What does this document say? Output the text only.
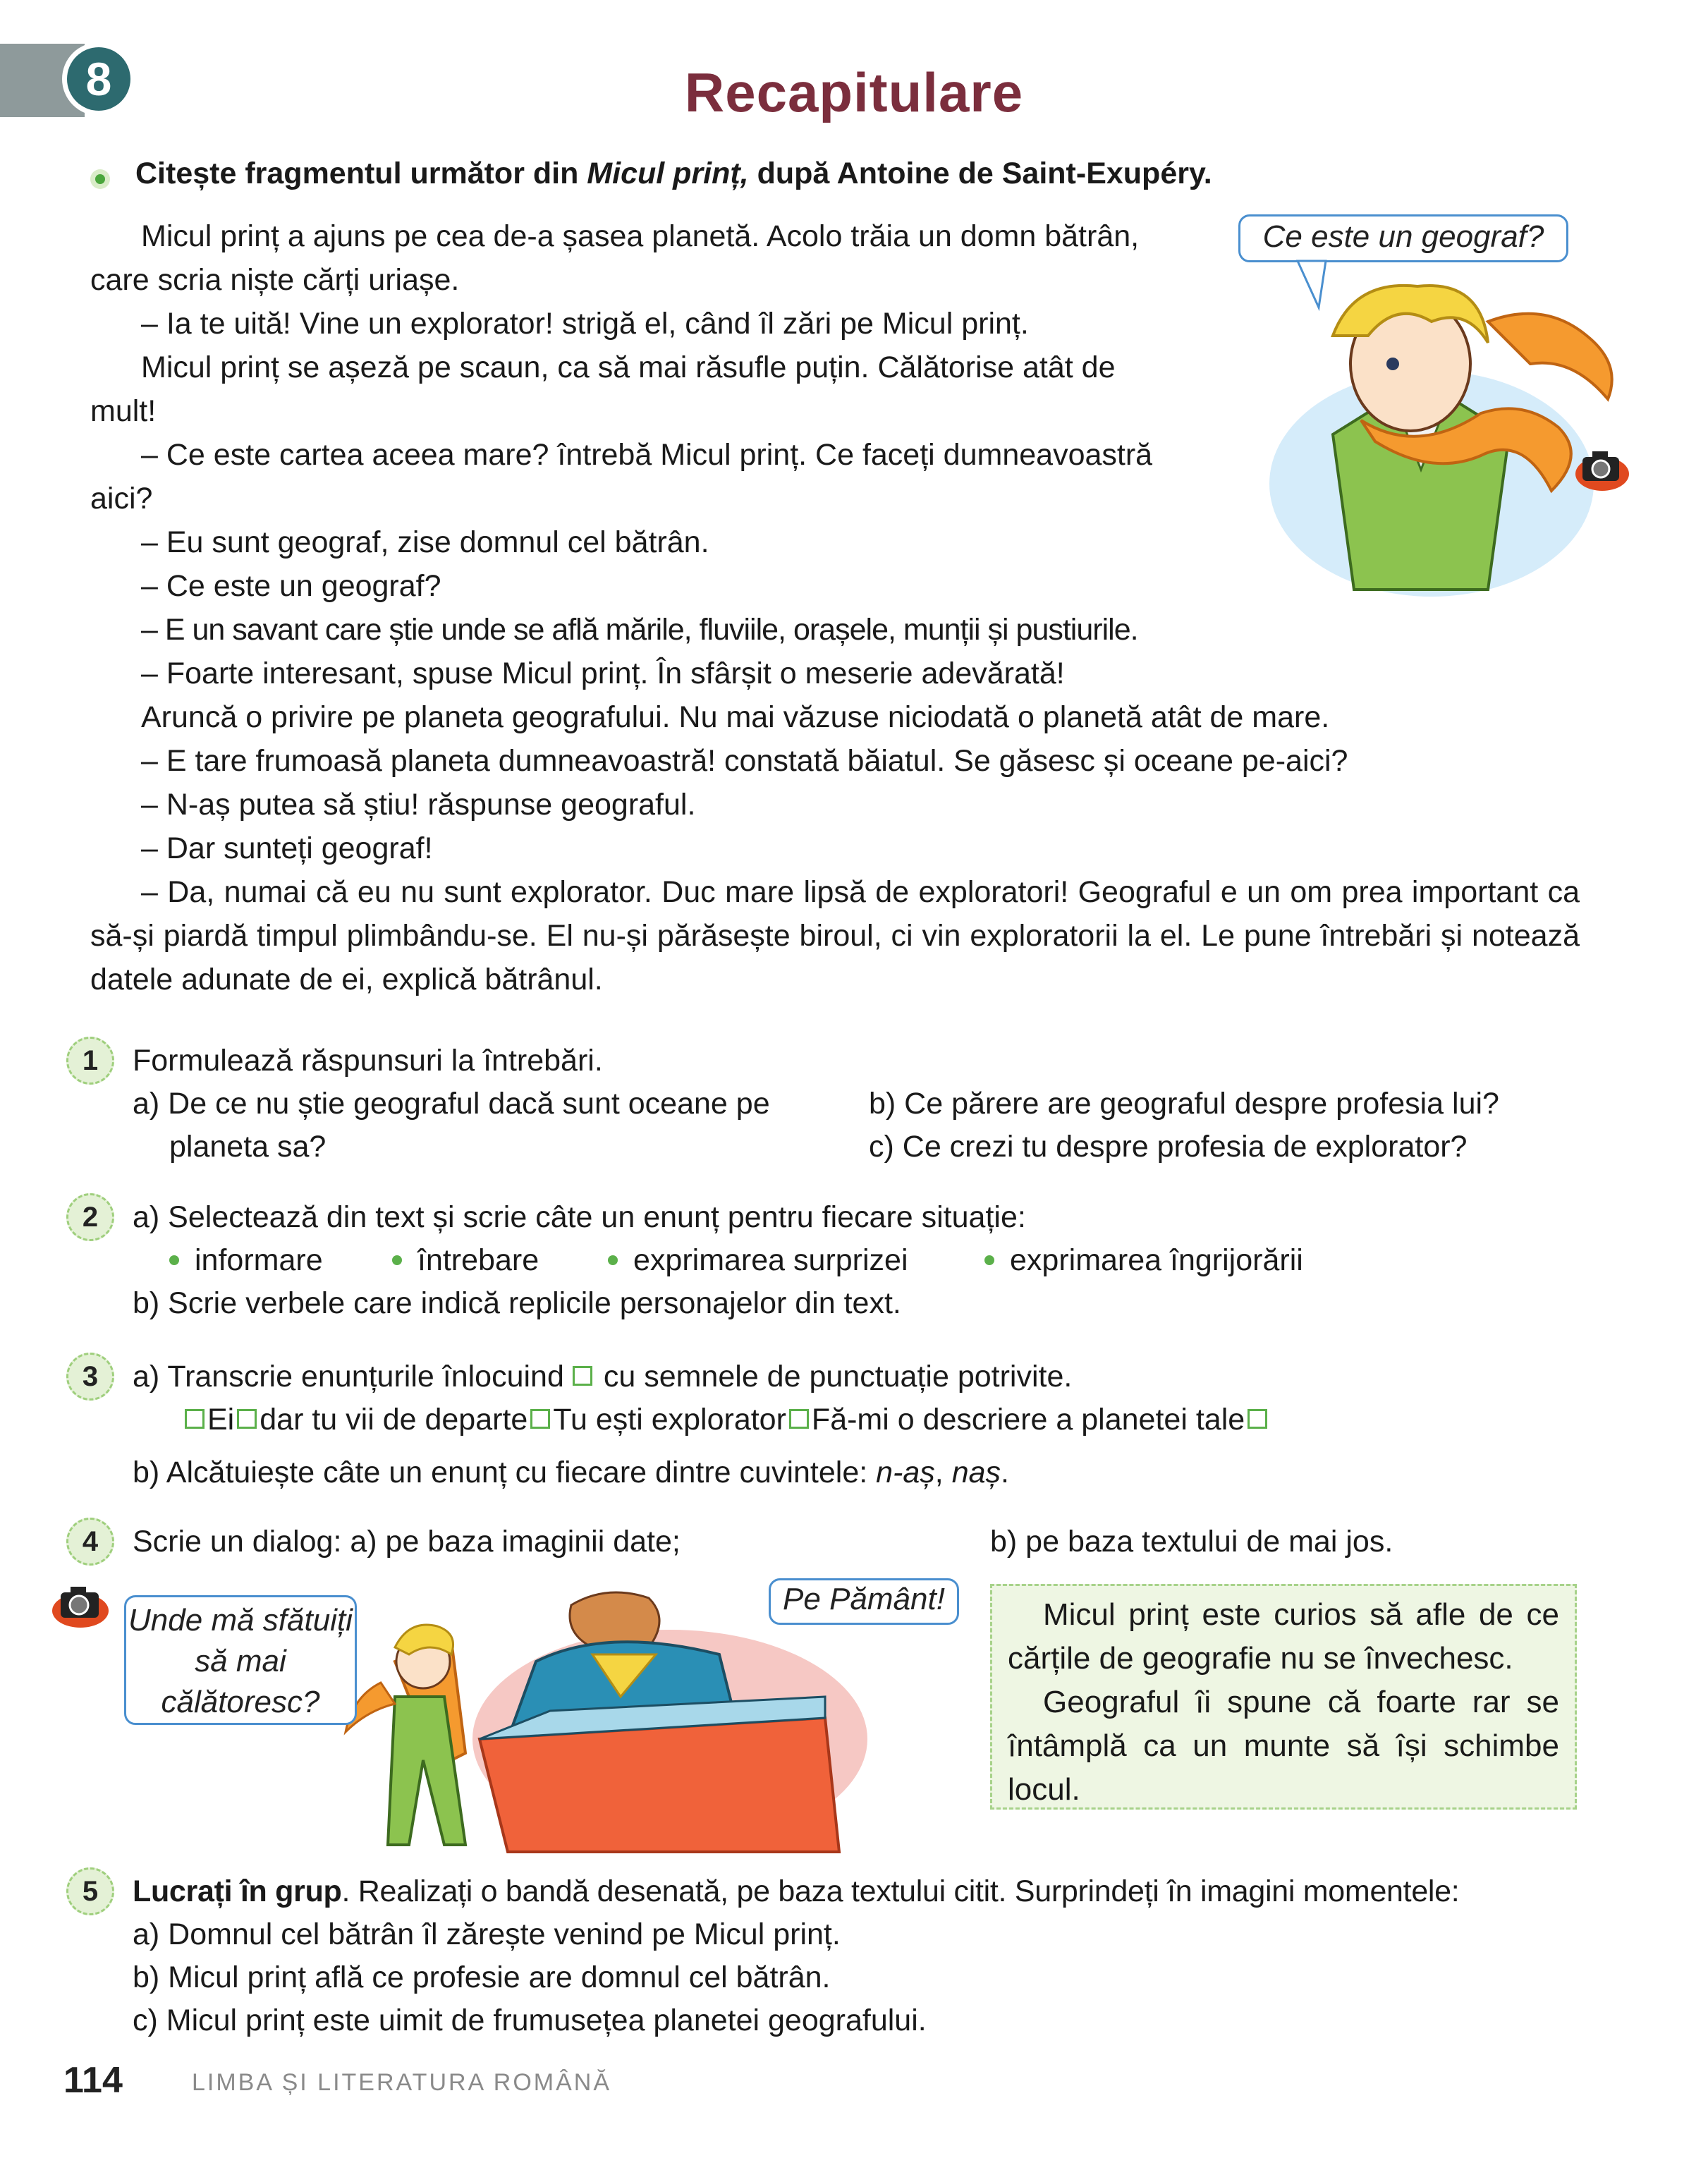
8	Recapitulare
Citește fragmentul următor din Micul prinț, după Antoine de Saint-Exupéry.
Micul prinț a ajuns pe cea de-a șasea planetă. Acolo trăia un domn bătrân,
care scria niște cărți uriașe.
– Ia te uită! Vine un explorator! strigă el, când îl zări pe Micul prinț.
Micul prinț se așeză pe scaun, ca să mai răsufle puțin. Călătorise atât de
mult!
– Ce este cartea aceea mare? întrebă Micul prinț. Ce faceți dumneavoastră
aici?
– Eu sunt geograf, zise domnul cel bătrân.
– Ce este un geograf?
– E un savant care știe unde se află mările, fluviile, orașele, munții și pustiurile.
– Foarte interesant, spuse Micul prinț. În sfârșit o meserie adevărată!
Aruncă o privire pe planeta geografului. Nu mai văzuse niciodată o planetă atât de mare.
– E tare frumoasă planeta dumneavoastră! constată băiatul. Se găsesc și oceane pe-aici?
– N-aș putea să știu! răspunse geograful.
– Dar sunteți geograf!
– Da, numai că eu nu sunt explorator. Duc mare lipsă de exploratori! Geograful e un om prea important ca să-și piardă timpul plimbându-se. El nu-și părăsește biroul, ci vin exploratorii la el. Le pune întrebări și notează datele adunate de ei, explică bătrânul.
Ce este un geograf?
1	Formulează răspunsuri la întrebări.
a) De ce nu știe geograful dacă sunt oceane pe
planeta sa?
b) Ce părere are geograful despre profesia lui?
c) Ce crezi tu despre profesia de explorator?
2	a) Selectează din text și scrie câte un enunț pentru fiecare situație:
informare	întrebare	exprimarea surprizei	exprimarea îngrijorării
b) Scrie verbele care indică replicile personajelor din text.
3	a) Transcrie enunțurile înlocuind cu semnele de punctuație potrivite.
Ei dar tu vii de departe Tu ești explorator Fă-mi o descriere a planetei tale
b) Alcătuiește câte un enunț cu fiecare dintre cuvintele: n-aș, naș.
4	Scrie un dialog: a) pe baza imaginii date;	b) pe baza textului de mai jos.
Unde mă sfătuiți să mai călătoresc?
Pe Pământ!	Micul prinț este curios să afle de ce cărțile de geografie nu se învechesc.

Geograful îi spune că foarte rar se întâmplă ca un munte să își schimbe locul.

5	Lucrați în grup. Realizați o bandă desenată, pe baza textului citit. Surprindeți în imagini momentele:
a) Domnul cel bătrân îl zărește venind pe Micul prinț.
b) Micul prinț află ce profesie are domnul cel bătrân.
c) Micul prinț este uimit de frumusețea planetei geografului.
114	LIMBA ȘI LITERATURA ROMÂNĂ
